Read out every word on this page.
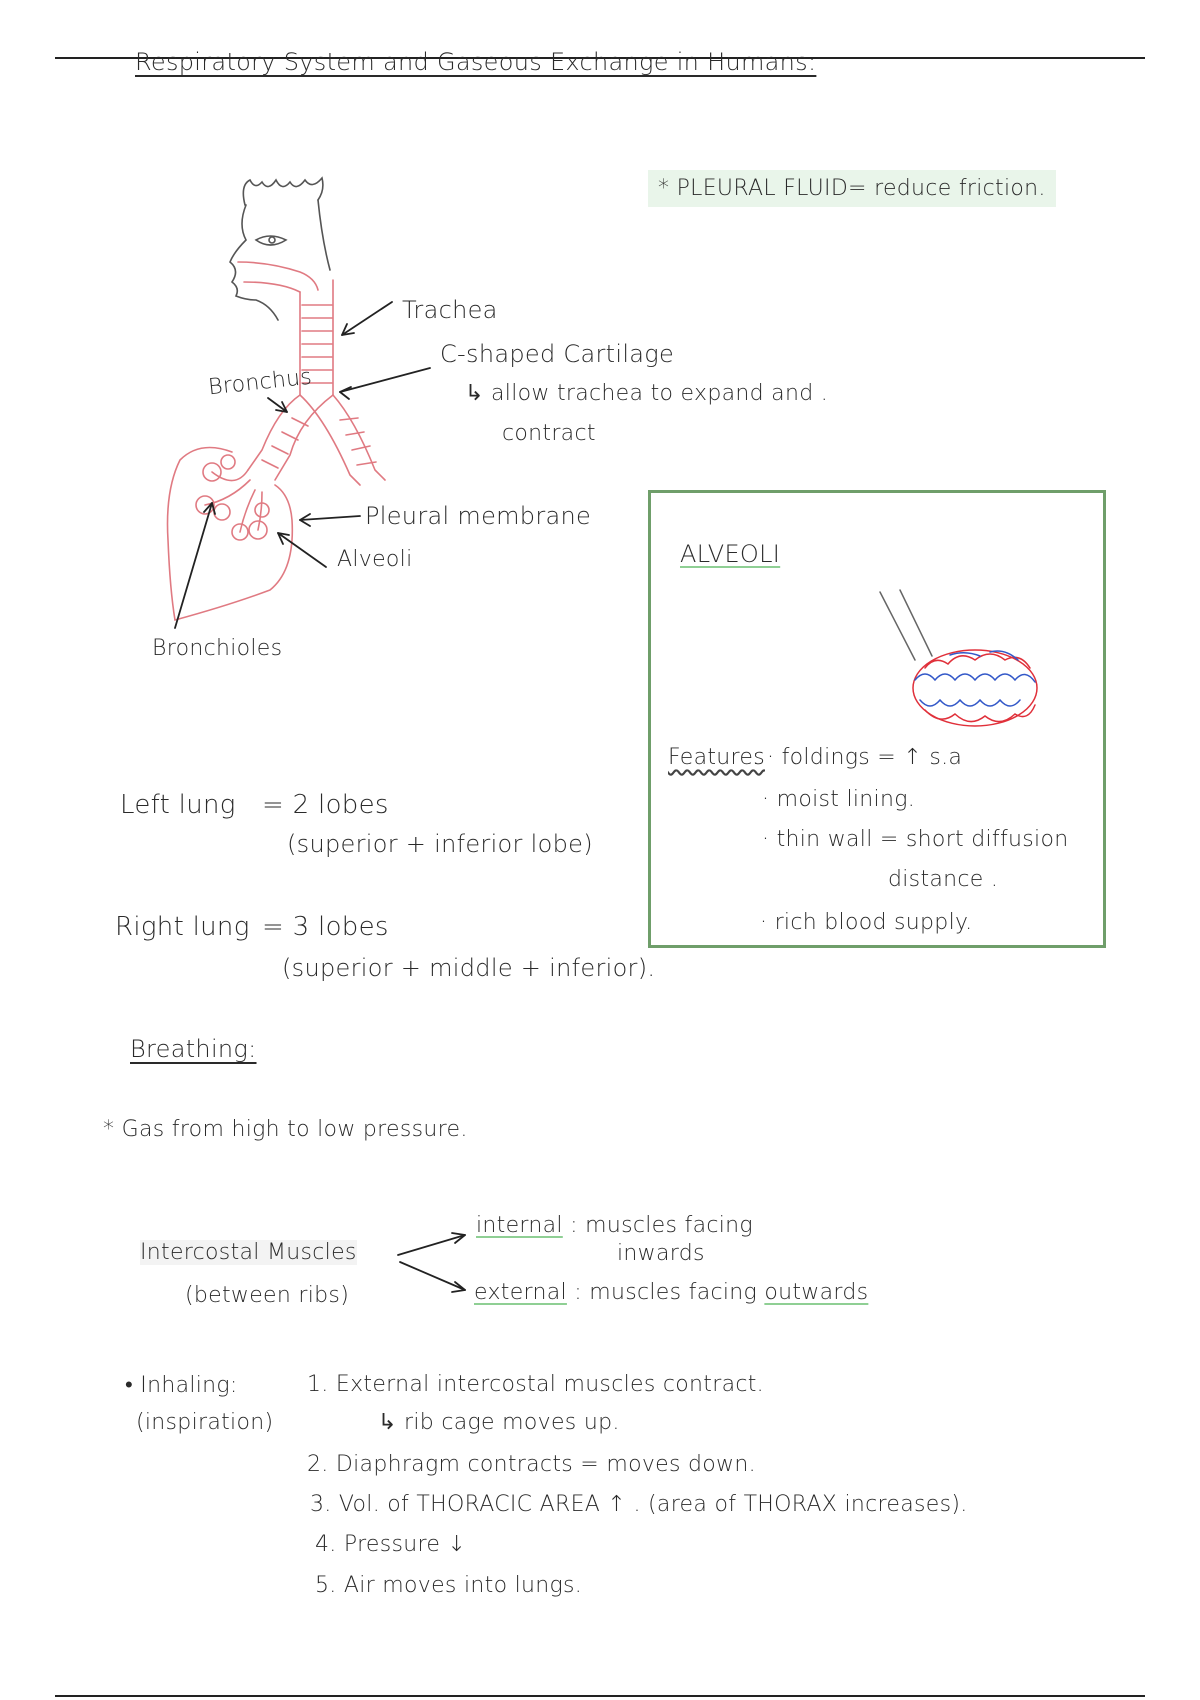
Respiratory System and Gaseous Exchange in Humans:
* PLEURAL FLUID= reduce friction.
Trachea
C-shaped Cartilage
↳ allow trachea to expand and .
contract
Bronchus
Pleural membrane
Alveoli
Bronchioles
ALVEOLI
Features
: · foldings = ↑ s.a
· moist lining.
· thin wall = short diffusion
distance .
· rich blood supply.
Left lung = 2 lobes
(superior + inferior lobe)
Right lung = 3 lobes
(superior + middle + inferior).
Breathing:
* Gas from high to low pressure.
Intercostal Muscles
(between ribs)
internal : muscles facing
inwards
external : muscles facing outwards
• Inhaling:
(inspiration)
1. External intercostal muscles contract.
↳ rib cage moves up.
2. Diaphragm contracts = moves down.
3. Vol. of THORACIC AREA ↑ . (area of THORAX increases).
4. Pressure ↓
5. Air moves into lungs.
